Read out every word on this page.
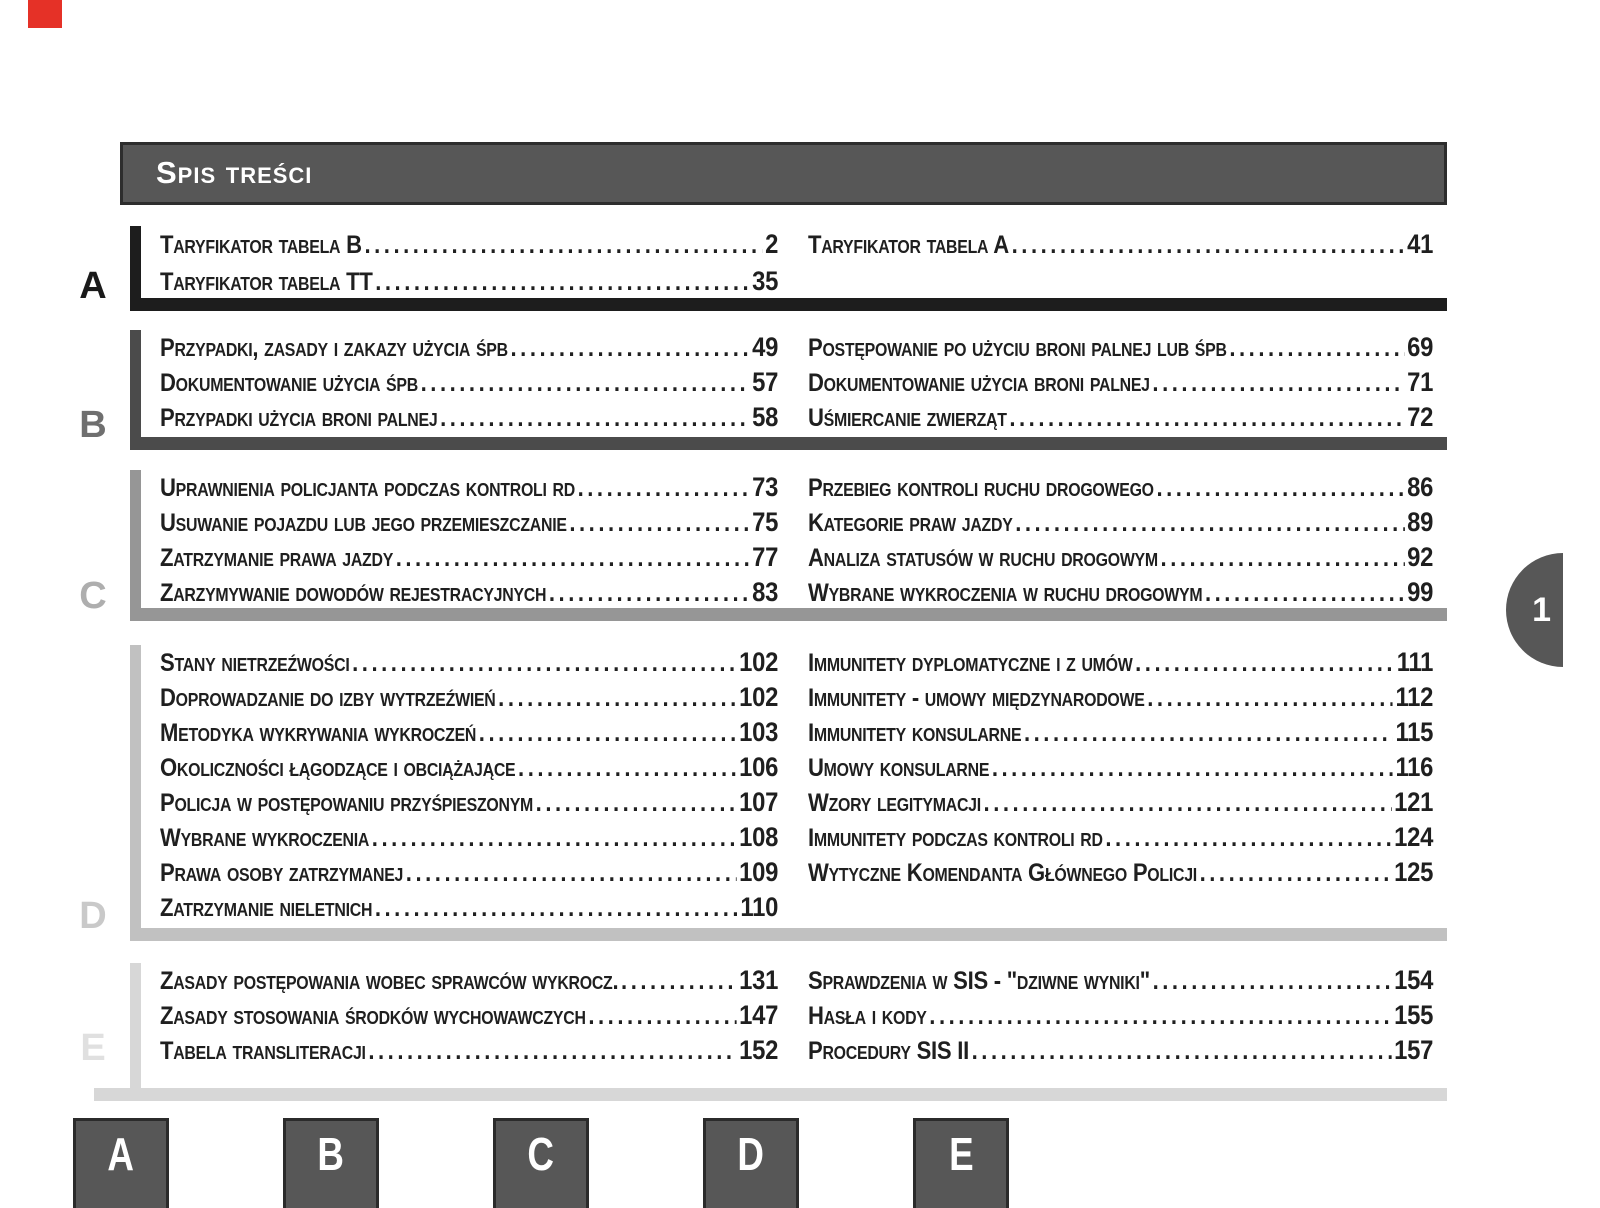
Spis treści
A
Taryfikator tabela B .....	2
Taryfikator tabela TT .....	35
Taryfikator tabela A .....	41
B
Przypadki, zasady i zakazy użycia śpb .....	49
Dokumentowanie użycia śpb .....	57
Przypadki użycia broni palnej .....	58
Postępowanie po użyciu broni palnej lub śpb .....	69
Dokumentowanie użycia broni palnej .....	71
Uśmiercanie zwierząt .....	72
C
Uprawnienia policjanta podczas kontroli rd .....	73
Usuwanie pojazdu lub jego przemieszczanie .....	75
Zatrzymanie prawa jazdy .....	77
Zarzymywanie dowodów rejestracyjnych .....	83
Przebieg kontroli ruchu drogowego .....	86
Kategorie praw jazdy .....	89
Analiza statusów w ruchu drogowym .....	92
Wybrane wykroczenia w ruchu drogowym .....	99
D
Stany nietrzeźwości .....	102
Doprowadzanie do izby wytrzeźwień .....	102
Metodyka wykrywania wykroczeń .....	103
Okoliczności łągodzące i obciążające .....	106
Policja w postępowaniu przyśpieszonym .....	107
Wybrane wykroczenia .....	108
Prawa osoby zatrzymanej .....	109
Zatrzymanie nieletnich .....	110
Immunitety dyplomatyczne i z umów .....	111
Immunitety - umowy międzynarodowe .....	112
Immunitety konsularne .....	115
Umowy konsularne .....	116
Wzory legitymacji .....	121
Immunitety podczas kontroli rd .....	124
Wytyczne Komendanta Głównego Policji .....	125
E
Zasady postępowania wobec sprawców wykrocz. .....	131
Zasady stosowania środków wychowawczych .....	147
Tabela transliteracji .....	152
Sprawdzenia w SIS - "dziwne wyniki" .....	154
Hasła i kody .....	155
Procedury SIS II .....	157
1
A	B	C	D	E
